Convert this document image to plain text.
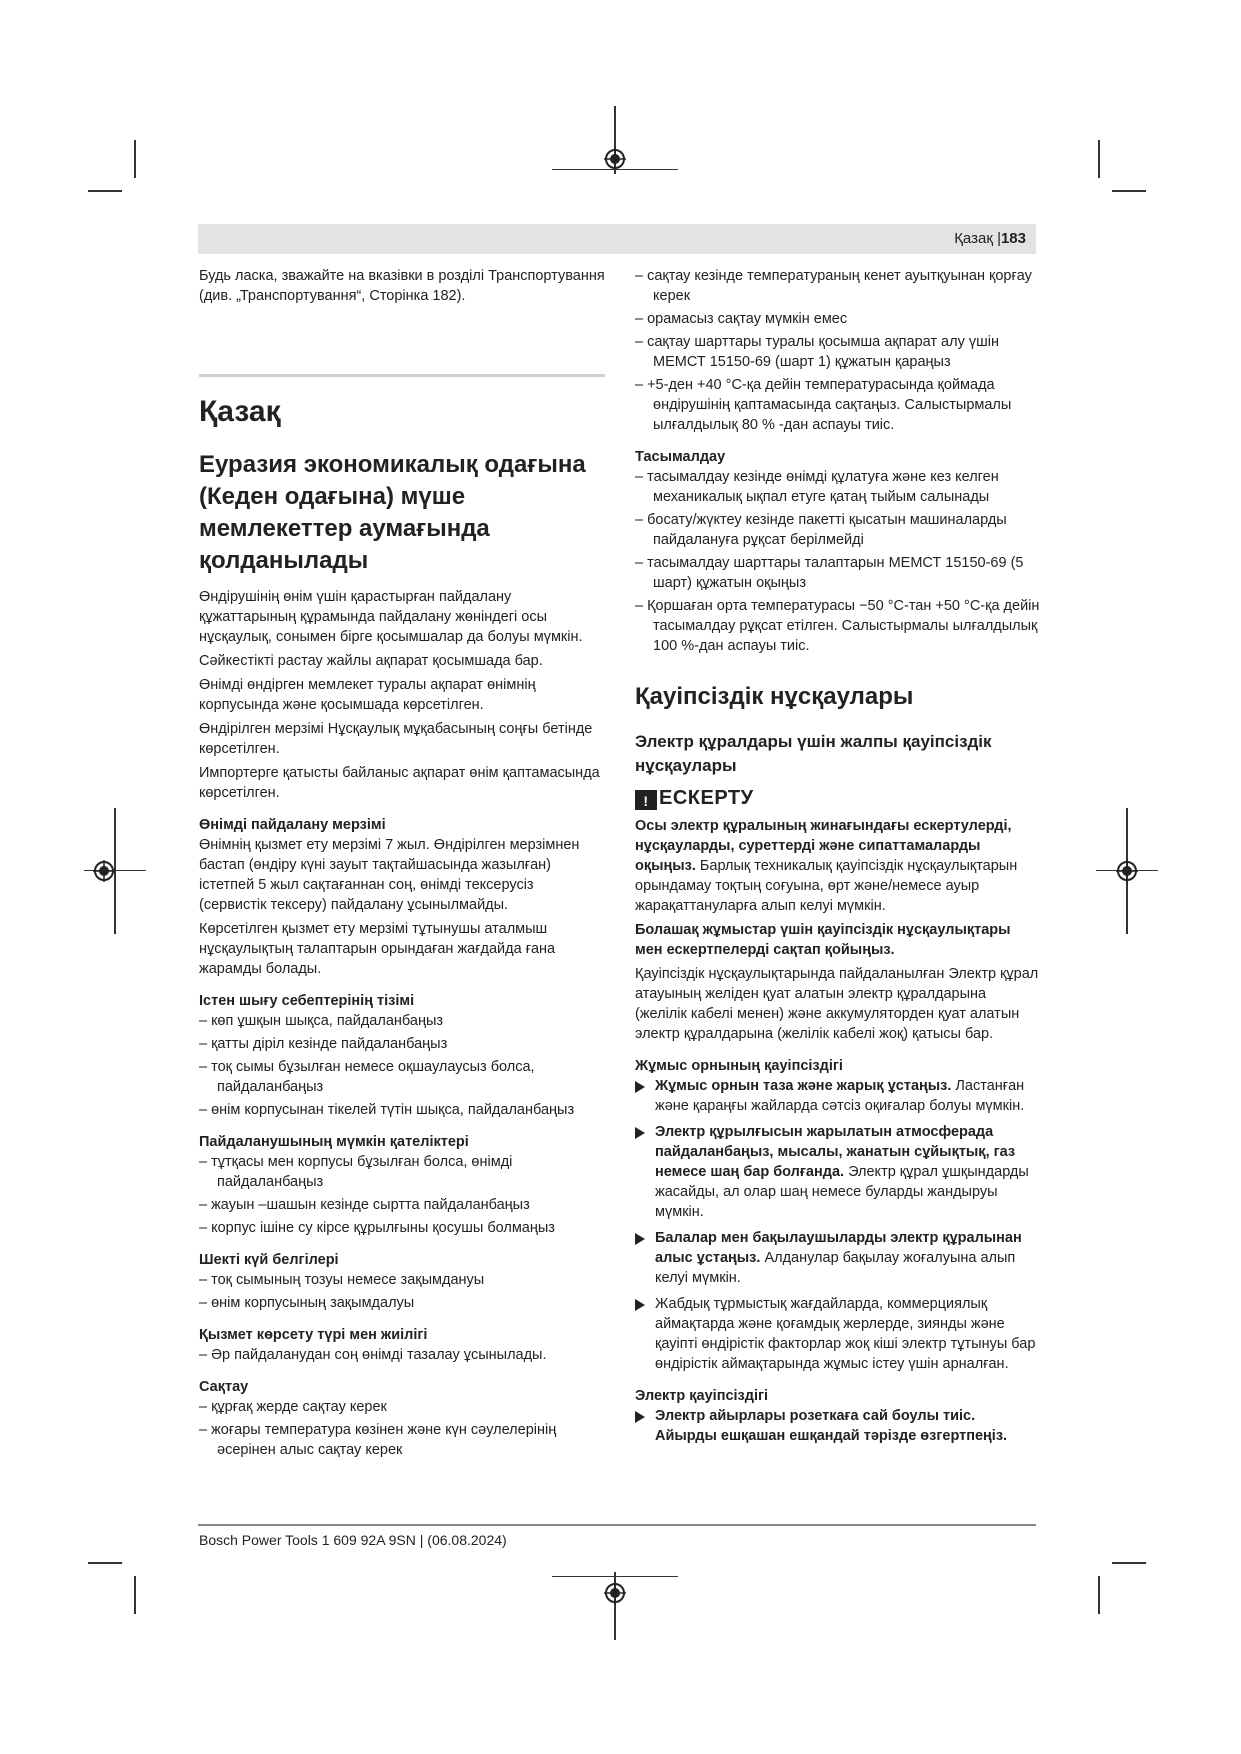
Қазақ |183

Будь ласка, зважайте на вказівки в розділі Транспортування (див. „Транспортування“, Сторінка 182).

Қазақ
Еуразия экономикалық одағына (Кеден одағына) мүше мемлекеттер аумағында қолданылады

Өндірушінің өнім үшін қарастырған пайдалану құжаттарының құрамында пайдалану жөніндегі осы нұсқаулық, сонымен бірге қосымшалар да болуы мүмкін.

Сәйкестікті растау жайлы ақпарат қосымшада бар.

Өнімді өндірген мемлекет туралы ақпарат өнімнің корпусында және қосымшада көрсетілген.

Өндірілген мерзімі Нұсқаулық мұқабасының соңғы бетінде көрсетілген.

Импортерге қатысты байланыс ақпарат өнім қаптамасында көрсетілген.

Өнімді пайдалану мерзімі

Өнімнің қызмет ету мерзімі 7 жыл. Өндірілген мерзімнен бастап (өндіру күні зауыт тақтайшасында жазылған) істетпей 5 жыл сақтағаннан соң, өнімді тексерусіз (сервистік тексеру) пайдалану ұсынылмайды.

Көрсетілген қызмет ету мерзімі тұтынушы аталмыш нұсқаулықтың талаптарын орындаған жағдайда ғана жарамды болады.

Істен шығу себептерінің тізімі

– көп ұшқын шықса, пайдаланбаңыз

– қатты діріл кезінде пайдаланбаңыз

– тоқ сымы бұзылған немесе оқшаулаусыз болса, пайдаланбаңыз

– өнім корпусынан тікелей түтін шықса, пайдаланбаңыз

Пайдаланушының мүмкін қателіктері

– тұтқасы мен корпусы бұзылған болса, өнімді пайдаланбаңыз

– жауын –шашын кезінде сыртта пайдаланбаңыз

– корпус ішіне су кірсе құрылғыны қосушы болмаңыз

Шекті күй белгілері

– тоқ сымының тозуы немесе зақымдануы

– өнім корпусының зақымдалуы

Қызмет көрсету түрі мен жиілігі

– Әр пайдаланудан соң өнімді тазалау ұсынылады.

Сақтау

– құрғақ жерде сақтау керек

– жоғары температура көзінен және күн сәулелерінің әсерінен алыс сақтау керек

– сақтау кезінде температураның кенет ауытқуынан қорғау керек

– орамасыз сақтау мүмкін емес

– сақтау шарттары туралы қосымша ақпарат алу үшін МЕМСТ 15150-69 (шарт 1) құжатын қараңыз

– +5-ден +40 °C-қа дейін температурасында қоймада өндірушінің қаптамасында сақтаңыз. Салыстырмалы ылғалдылық 80 % -дан аспауы тиіс.

Тасымалдау

– тасымалдау кезінде өнімді құлатуға және кез келген механикалық ықпал етуге қатаң тыйым салынады

– босату/жүктеу кезінде пакетті қысатын машиналарды пайдалануға рұқсат берілмейді

– тасымалдау шарттары талаптарын МЕМСТ 15150-69 (5 шарт) құжатын оқыңыз

– Қоршаған орта температурасы −50 °C-тан +50 °C-қа дейін тасымалдау рұқсат етілген. Салыстырмалы ылғалдылық 100 %-дан аспауы тиіс.

Қауіпсіздік нұсқаулары
Электр құралдары үшін жалпы қауіпсіздік нұсқаулары
! ЕСКЕРТУ

Осы электр құралының жинағындағы ескертулерді, нұсқауларды, суреттерді және сипаттамаларды оқыңыз. Барлық техникалық қауіпсіздік нұсқаулықтарын орындамау тоқтың соғуына, өрт және/немесе ауыр жарақаттануларға алып келуі мүмкін.

Болашақ жұмыстар үшін қауіпсіздік нұсқаулықтары мен ескертпелерді сақтап қойыңыз.

Қауіпсіздік нұсқаулықтарында пайдаланылған Электр құрал атауының желіден қуат алатын электр құралдарына (желілік кабелі менен) және аккумуляторден қуат алатын электр құралдарына (желілік кабелі жоқ) қатысы бар.

Жұмыс орнының қауіпсіздігі
Жұмыс орнын таза және жарық ұстаңыз. Ластанған және қараңғы жайларда сәтсіз оқиғалар болуы мүмкін.
Электр құрылғысын жарылатын атмосферада пайдаланбаңыз, мысалы, жанатын сұйықтық, газ немесе шаң бар болғанда. Электр құрал ұшқындарды жасайды, ал олар шаң немесе буларды жандыруы мүмкін.
Балалар мен бақылаушыларды электр құралынан алыс ұстаңыз. Алданулар бақылау жоғалуына алып келуі мүмкін.
Жабдық тұрмыстық жағдайларда, коммерциялық аймақтарда және қоғамдық жерлерде, зиянды және қауіпті өндірістік факторлар жоқ кіші электр тұтынуы бар өндірістік аймақтарында жұмыс істеу үшін арналған.
Электр қауіпсіздігі
Электр айырлары розеткаға сай боулы тиіс. Айырды ешқашан ешқандай тәрізде өзгертпеңіз.
Bosch Power Tools 1 609 92A 9SN | (06.08.2024)
